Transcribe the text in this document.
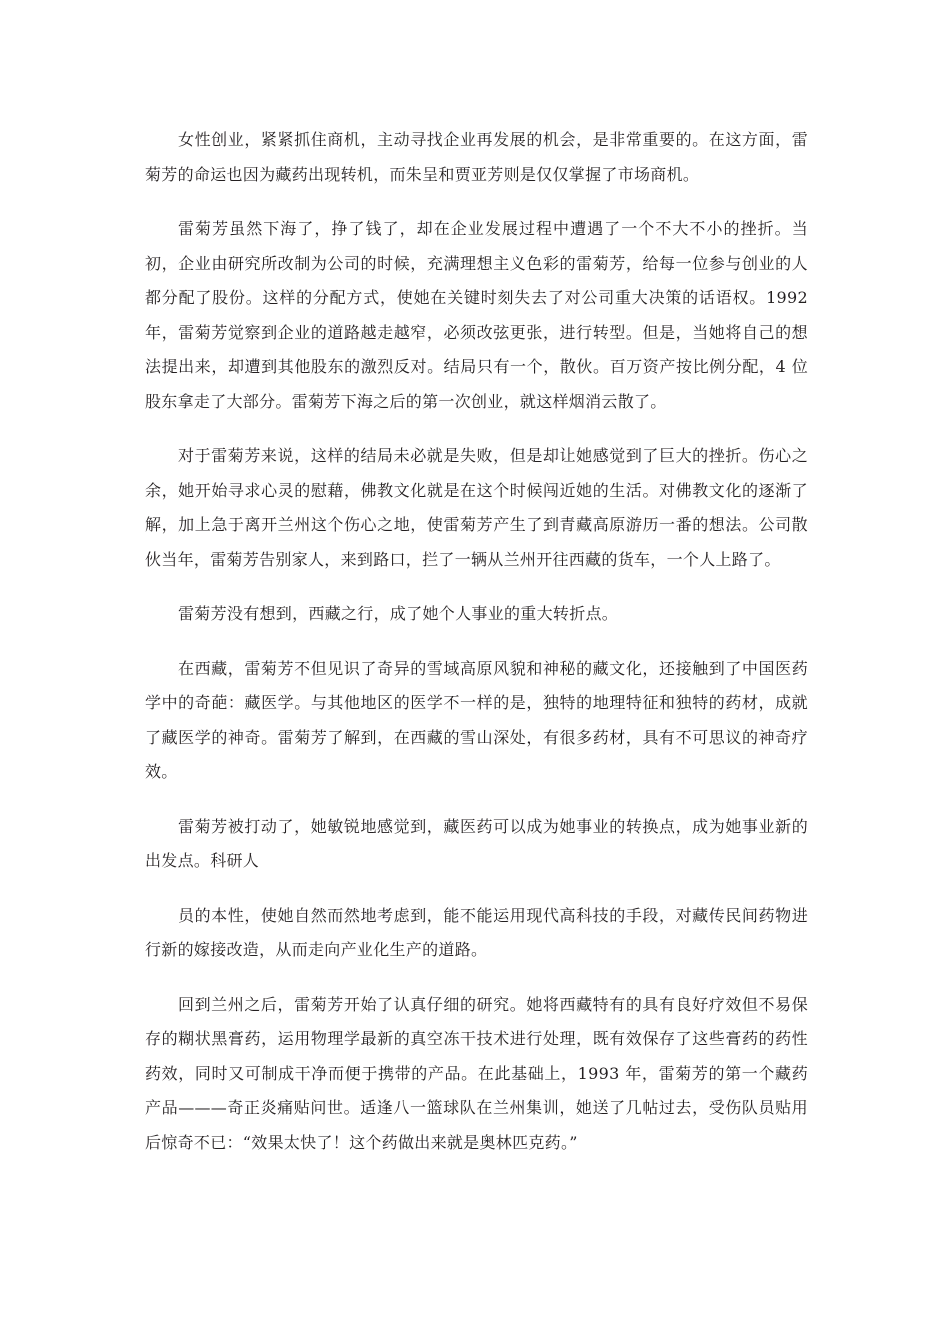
女性创业，紧紧抓住商机，主动寻找企业再发展的机会，是非常重要的。在这方面，雷菊芳的命运也因为藏药出现转机，而朱呈和贾亚芳则是仅仅掌握了市场商机。

雷菊芳虽然下海了，挣了钱了，却在企业发展过程中遭遇了一个不大不小的挫折。当初，企业由研究所改制为公司的时候，充满理想主义色彩的雷菊芳，给每一位参与创业的人都分配了股份。这样的分配方式，使她在关键时刻失去了对公司重大决策的话语权。1992 年，雷菊芳觉察到企业的道路越走越窄，必须改弦更张，进行转型。但是，当她将自己的想法提出来，却遭到其他股东的激烈反对。结局只有一个，散伙。百万资产按比例分配，4 位股东拿走了大部分。雷菊芳下海之后的第一次创业，就这样烟消云散了。

对于雷菊芳来说，这样的结局未必就是失败，但是却让她感觉到了巨大的挫折。伤心之余，她开始寻求心灵的慰藉，佛教文化就是在这个时候闯近她的生活。对佛教文化的逐渐了解，加上急于离开兰州这个伤心之地，使雷菊芳产生了到青藏高原游历一番的想法。公司散伙当年，雷菊芳告别家人，来到路口，拦了一辆从兰州开往西藏的货车，一个人上路了。

雷菊芳没有想到，西藏之行，成了她个人事业的重大转折点。

在西藏，雷菊芳不但见识了奇异的雪域高原风貌和神秘的藏文化，还接触到了中国医药学中的奇葩：藏医学。与其他地区的医学不一样的是，独特的地理特征和独特的药材，成就了藏医学的神奇。雷菊芳了解到，在西藏的雪山深处，有很多药材，具有不可思议的神奇疗效。

雷菊芳被打动了，她敏锐地感觉到，藏医药可以成为她事业的转换点，成为她事业新的出发点。科研人

员的本性，使她自然而然地考虑到，能不能运用现代高科技的手段，对藏传民间药物进行新的嫁接改造，从而走向产业化生产的道路。

回到兰州之后，雷菊芳开始了认真仔细的研究。她将西藏特有的具有良好疗效但不易保存的糊状黑膏药，运用物理学最新的真空冻干技术进行处理，既有效保存了这些膏药的药性药效，同时又可制成干净而便于携带的产品。在此基础上，1993 年，雷菊芳的第一个藏药产品———奇正炎痛贴问世。适逢八一篮球队在兰州集训，她送了几帖过去，受伤队员贴用后惊奇不已：“效果太快了！这个药做出来就是奥林匹克药。”
